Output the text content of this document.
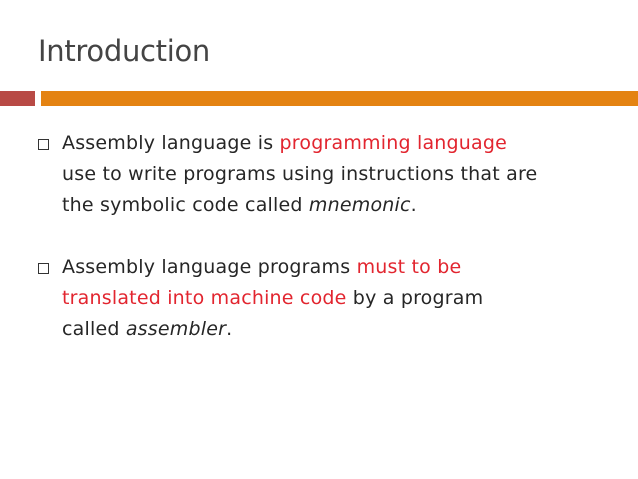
Introduction
Assembly language is programming language
use to write programs using instructions that are
the symbolic code called mnemonic.
Assembly language programs must to be
translated into machine code by a program
called assembler.
